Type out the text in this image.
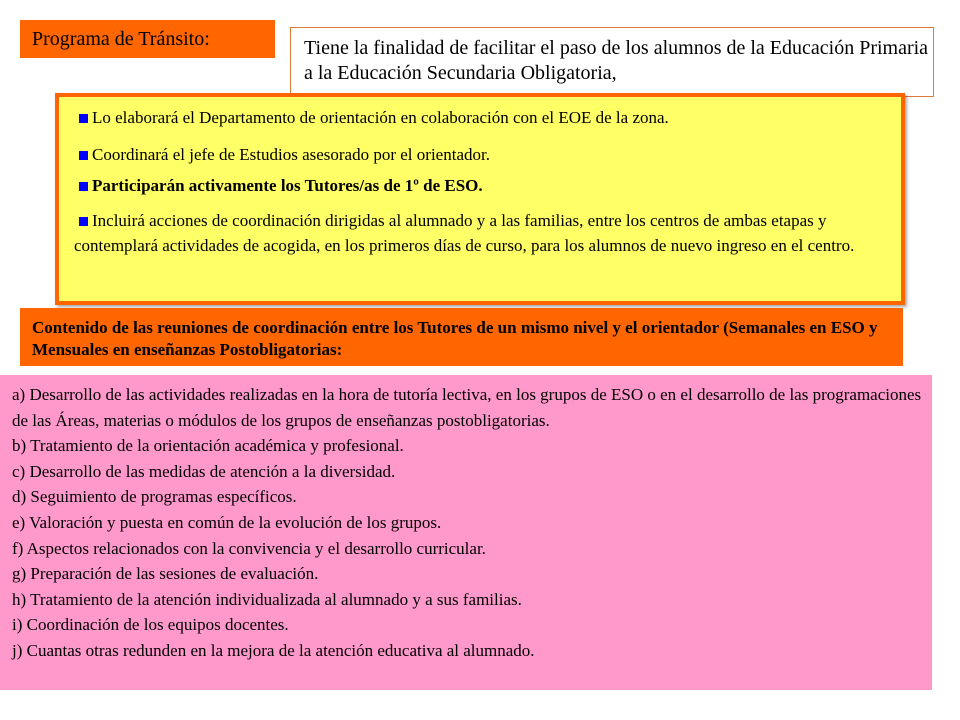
Programa de Tránsito:	Tiene la finalidad de facilitar el paso de los alumnos de la Educación Primaria a la Educación Secundaria Obligatoria,

Lo elaborará el Departamento de orientación en colaboración con el EOE de la zona.

Coordinará el jefe de Estudios asesorado por el orientador.

Participarán activamente los Tutores/as de 1º de ESO.

Incluirá acciones de coordinación dirigidas al alumnado y a las familias, entre los centros de ambas etapas y contemplará actividades de acogida, en los primeros días de curso, para los alumnos de nuevo ingreso en el centro.

Contenido de las reuniones de coordinación entre los Tutores de un mismo nivel y el orientador (Semanales en ESO y Mensuales en enseñanzas Postobligatorias:

a) Desarrollo de las actividades realizadas en la hora de tutoría lectiva, en los grupos de ESO o en el desarrollo de las programaciones de las Áreas, materias o módulos de los grupos de enseñanzas postobligatorias.

b) Tratamiento de la orientación académica y profesional.

c) Desarrollo de las medidas de atención a la diversidad.

d) Seguimiento de programas específicos.

e) Valoración y puesta en común de la evolución de los grupos.

f) Aspectos relacionados con la convivencia y el desarrollo curricular.

g) Preparación de las sesiones de evaluación.

h) Tratamiento de la atención individualizada al alumnado y a sus familias.

i) Coordinación de los equipos docentes.

j) Cuantas otras redunden en la mejora de la atención educativa al alumnado.
